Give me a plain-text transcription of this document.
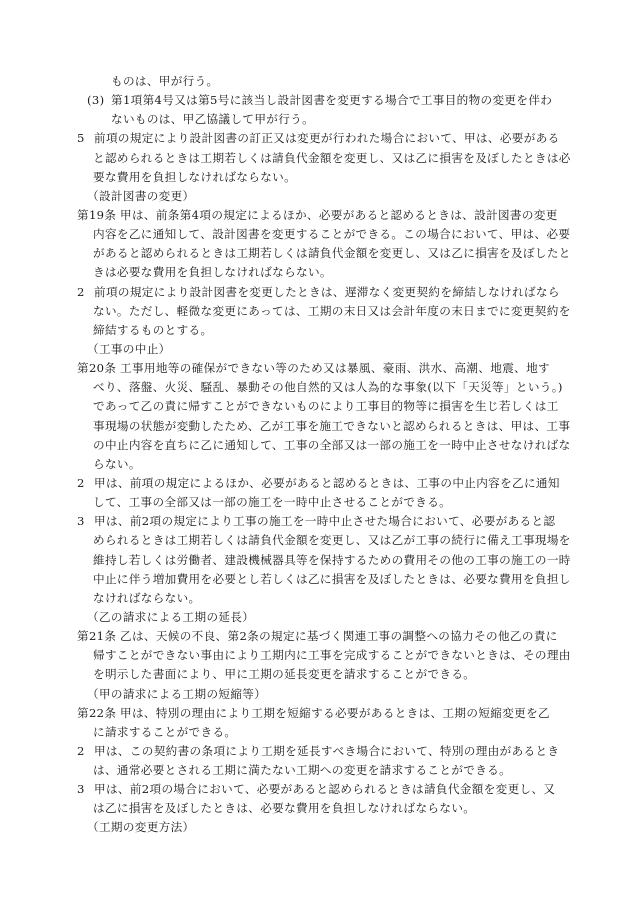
ものは、甲が行う。
(3) 第1項第4号又は第5号に該当し設計図書を変更する場合で工事目的物の変更を伴わ
ないものは、甲乙協議して甲が行う。
5 前項の規定により設計図書の訂正又は変更が行われた場合において、甲は、必要がある
と認められるときは工期若しくは請負代金額を変更し、又は乙に損害を及ぼしたときは必
要な費用を負担しなければならない。
（設計図書の変更）
第19条 甲は、前条第4項の規定によるほか、必要があると認めるときは、設計図書の変更
内容を乙に通知して、設計図書を変更することができる。この場合において、甲は、必要
があると認められるときは工期若しくは請負代金額を変更し、又は乙に損害を及ぼしたと
きは必要な費用を負担しなければならない。
2 前項の規定により設計図書を変更したときは、遅滞なく変更契約を締結しなければなら
ない。ただし、軽微な変更にあっては、工期の末日又は会計年度の末日までに変更契約を
締結するものとする。
（工事の中止）
第20条 工事用地等の確保ができない等のため又は暴風、豪雨、洪水、高潮、地震、地す
べり、落盤、火災、騒乱、暴動その他自然的又は人為的な事象(以下「天災等」という。)
であって乙の責に帰すことができないものにより工事目的物等に損害を生じ若しくは工
事現場の状態が変動したため、乙が工事を施工できないと認められるときは、甲は、工事
の中止内容を直ちに乙に通知して、工事の全部又は一部の施工を一時中止させなければな
らない。
2 甲は、前項の規定によるほか、必要があると認めるときは、工事の中止内容を乙に通知
して、工事の全部又は一部の施工を一時中止させることができる。
3 甲は、前2項の規定により工事の施工を一時中止させた場合において、必要があると認
められるときは工期若しくは請負代金額を変更し、又は乙が工事の続行に備え工事現場を
維持し若しくは労働者、建設機械器具等を保持するための費用その他の工事の施工の一時
中止に伴う増加費用を必要とし若しくは乙に損害を及ぼしたときは、必要な費用を負担し
なければならない。
（乙の請求による工期の延長）
第21条 乙は、天候の不良、第2条の規定に基づく関連工事の調整への協力その他乙の責に
帰すことができない事由により工期内に工事を完成することができないときは、その理由
を明示した書面により、甲に工期の延長変更を請求することができる。
（甲の請求による工期の短縮等）
第22条 甲は、特別の理由により工期を短縮する必要があるときは、工期の短縮変更を乙
に請求することができる。
2 甲は、この契約書の条項により工期を延長すべき場合において、特別の理由があるとき
は、通常必要とされる工期に満たない工期への変更を請求することができる。
3 甲は、前2項の場合において、必要があると認められるときは請負代金額を変更し、又
は乙に損害を及ぼしたときは、必要な費用を負担しなければならない。
（工期の変更方法）
